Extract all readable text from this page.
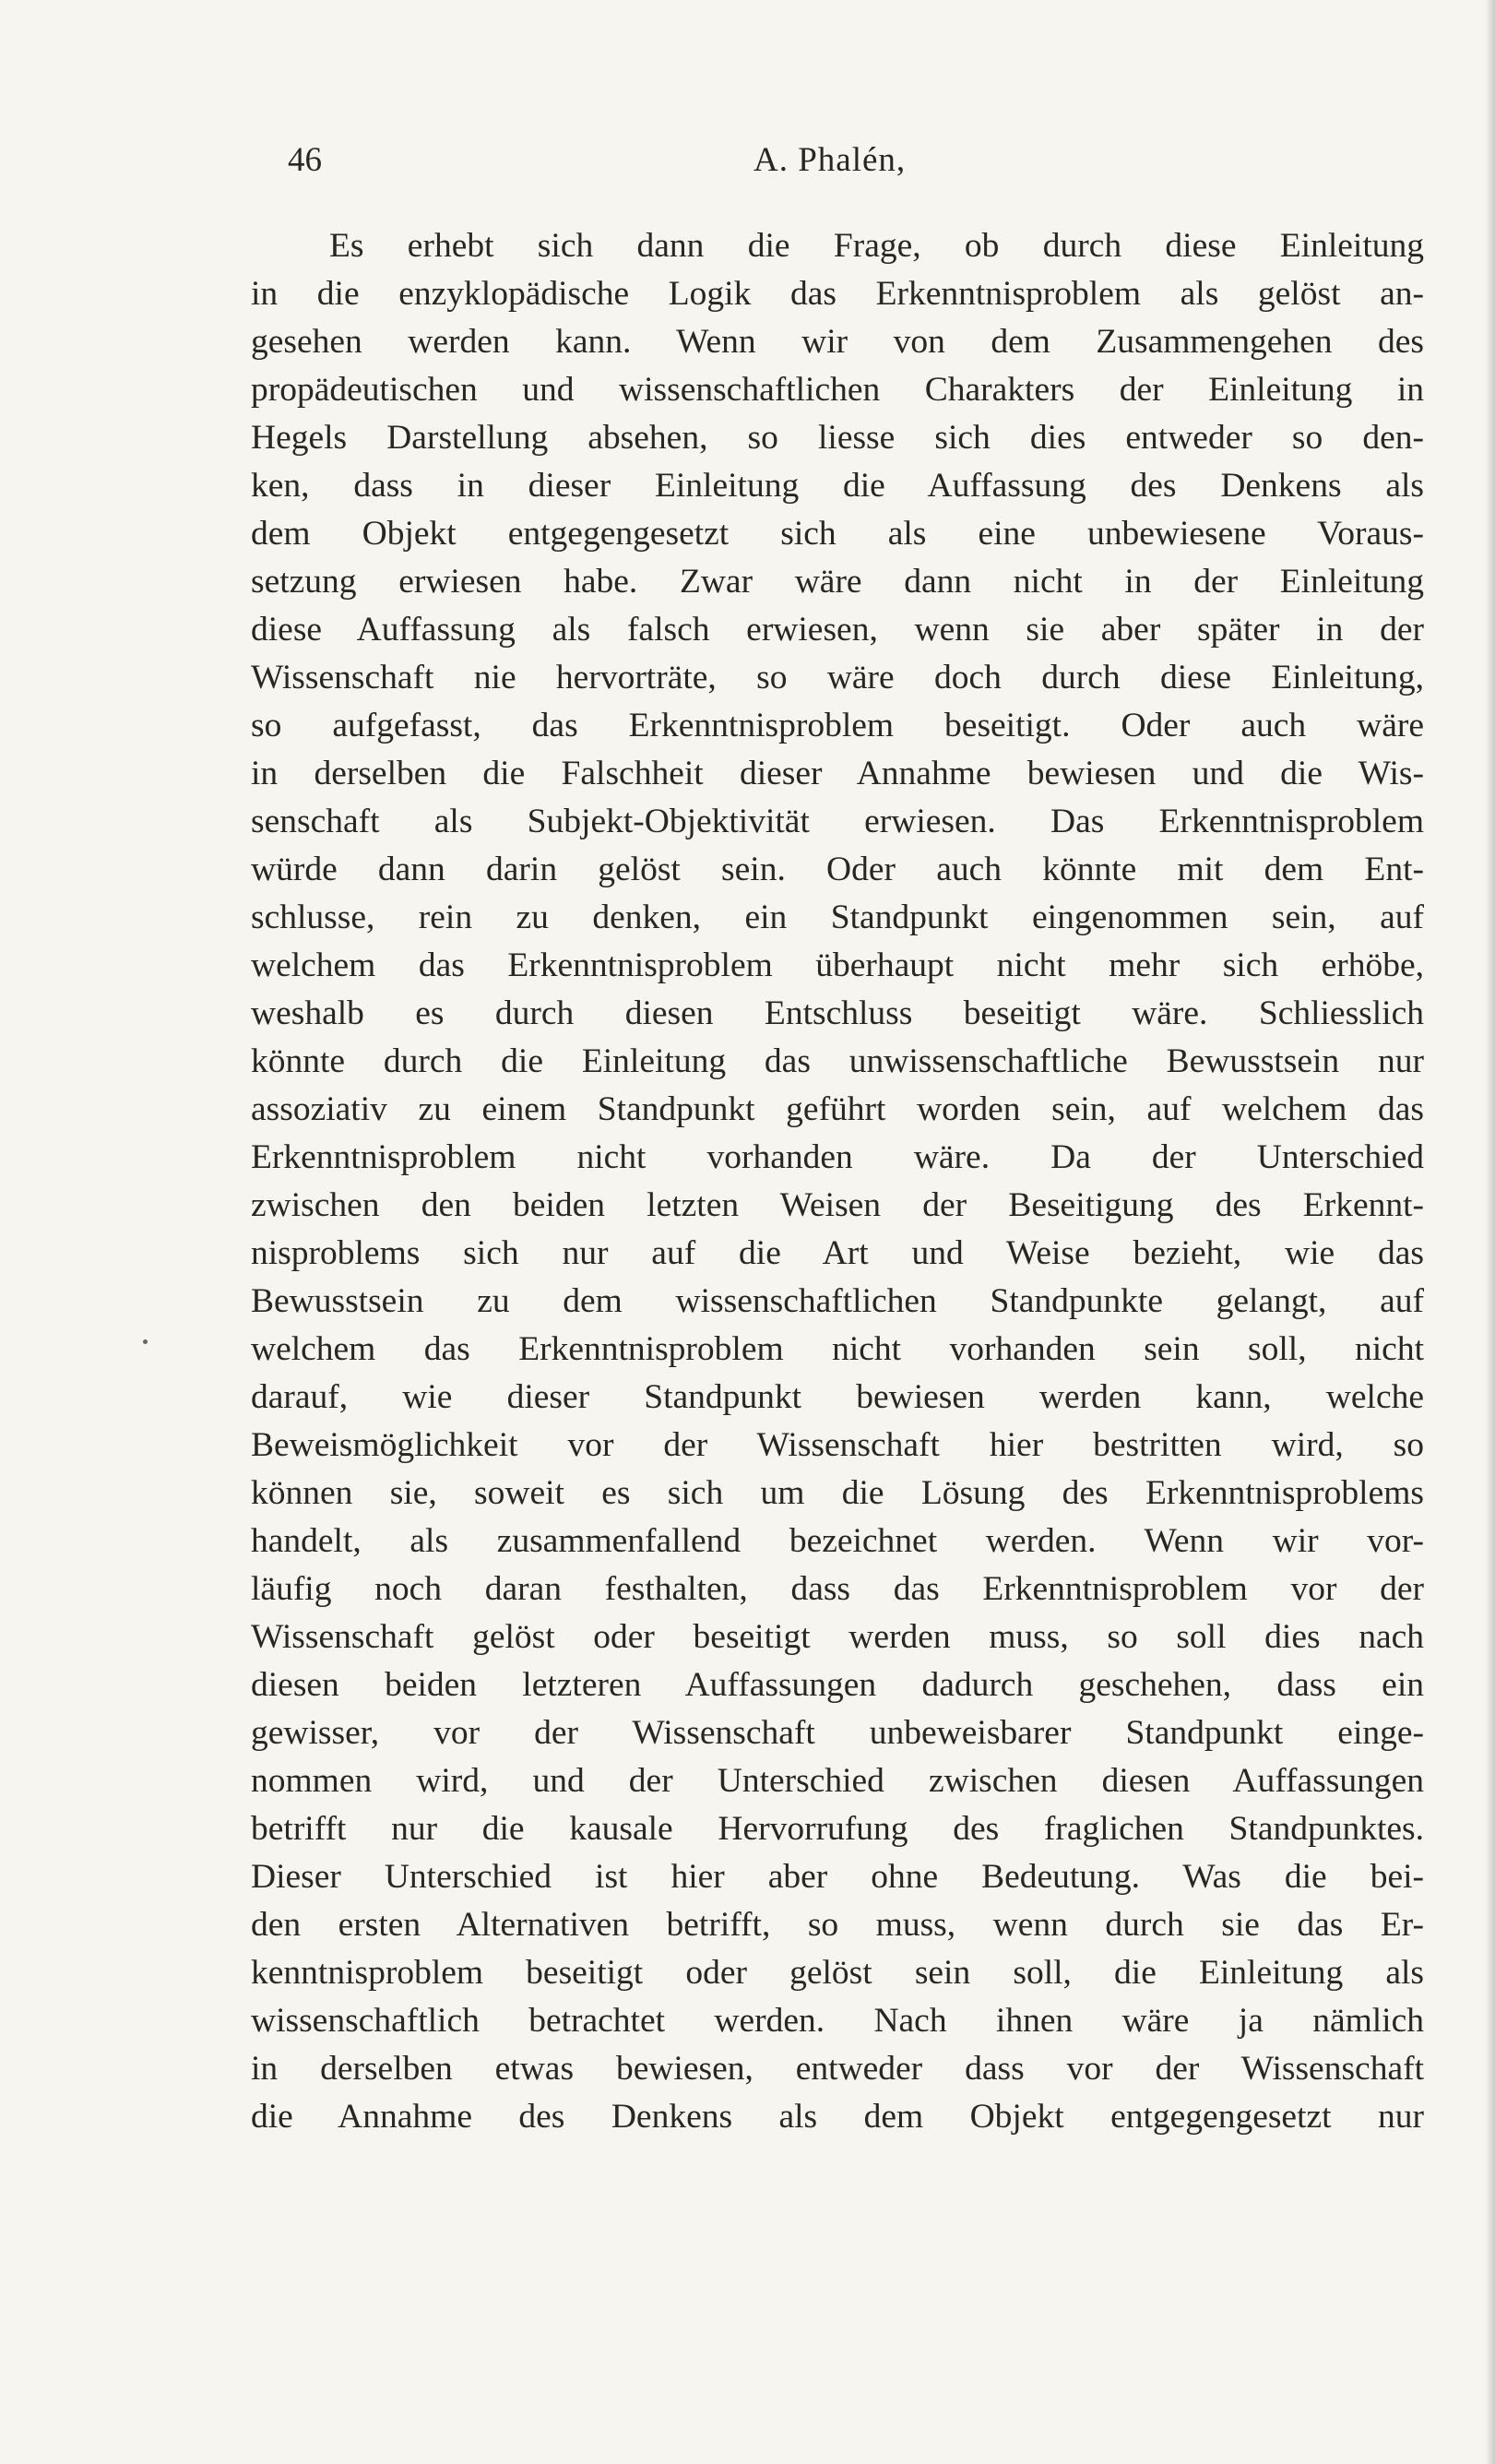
46	A. Phalén,
Es erhebt sich dann die Frage, ob durch diese Einleitung
in die enzyklopädische Logik das Erkenntnisproblem als gelöst an-
gesehen werden kann. Wenn wir von dem Zusammengehen des
propädeutischen und wissenschaftlichen Charakters der Einleitung in
Hegels Darstellung absehen, so liesse sich dies entweder so den-
ken, dass in dieser Einleitung die Auffassung des Denkens als
dem Objekt entgegengesetzt sich als eine unbewiesene Voraus-
setzung erwiesen habe. Zwar wäre dann nicht in der Einleitung
diese Auffassung als falsch erwiesen, wenn sie aber später in der
Wissenschaft nie hervorträte, so wäre doch durch diese Einleitung,
so aufgefasst, das Erkenntnisproblem beseitigt. Oder auch wäre
in derselben die Falschheit dieser Annahme bewiesen und die Wis-
senschaft als Subjekt-Objektivität erwiesen. Das Erkenntnisproblem
würde dann darin gelöst sein. Oder auch könnte mit dem Ent-
schlusse, rein zu denken, ein Standpunkt eingenommen sein, auf
welchem das Erkenntnisproblem überhaupt nicht mehr sich erhöbe,
weshalb es durch diesen Entschluss beseitigt wäre. Schliesslich
könnte durch die Einleitung das unwissenschaftliche Bewusstsein nur
assoziativ zu einem Standpunkt geführt worden sein, auf welchem das
Erkenntnisproblem nicht vorhanden wäre. Da der Unterschied
zwischen den beiden letzten Weisen der Beseitigung des Erkennt-
nisproblems sich nur auf die Art und Weise bezieht, wie das
Bewusstsein zu dem wissenschaftlichen Standpunkte gelangt, auf
welchem das Erkenntnisproblem nicht vorhanden sein soll, nicht
darauf, wie dieser Standpunkt bewiesen werden kann, welche
Beweismöglichkeit vor der Wissenschaft hier bestritten wird, so
können sie, soweit es sich um die Lösung des Erkenntnisproblems
handelt, als zusammenfallend bezeichnet werden. Wenn wir vor-
läufig noch daran festhalten, dass das Erkenntnisproblem vor der
Wissenschaft gelöst oder beseitigt werden muss, so soll dies nach
diesen beiden letzteren Auffassungen dadurch geschehen, dass ein
gewisser, vor der Wissenschaft unbeweisbarer Standpunkt einge-
nommen wird, und der Unterschied zwischen diesen Auffassungen
betrifft nur die kausale Hervorrufung des fraglichen Standpunktes.
Dieser Unterschied ist hier aber ohne Bedeutung. Was die bei-
den ersten Alternativen betrifft, so muss, wenn durch sie das Er-
kenntnisproblem beseitigt oder gelöst sein soll, die Einleitung als
wissenschaftlich betrachtet werden. Nach ihnen wäre ja nämlich
in derselben etwas bewiesen, entweder dass vor der Wissenschaft
die Annahme des Denkens als dem Objekt entgegengesetzt nur
